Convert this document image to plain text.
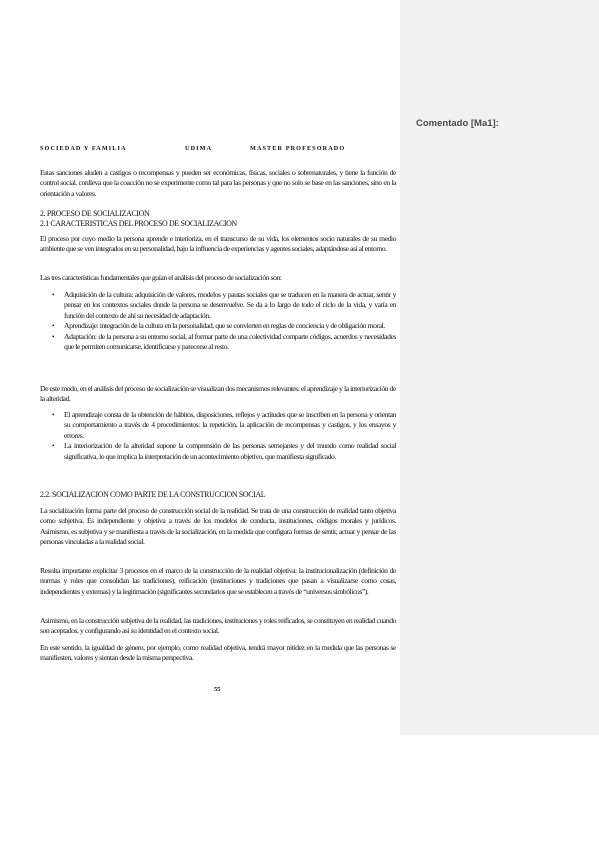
SOCIEDAD Y FAMILIA	UDIMA	MASTER PROFESORADO
Estas sanciones aluden a castigos o recompensas y pueden ser económicas, físicas, sociales o sobrenaturales, y tiene la función de control social. conlleva que la coacción no se experimente como tal para las personas y que no solo se base en las sanciones, sino en la orientación a valores.
2. PROCESO DE SOCIALIZACION
2.1 CARACTERISTICAS DEL PROCESO DE SOCIALIZACION
El proceso por cuyo medio la persona aprende e interioriza, en el transcurso de su vida, los elementos socio naturales de su medio ambiente que se ven integrados en su personalidad, bajo la influencia de experiencias y agentes sociales, adaptándose así al entorno.
Las tres características fundamentales que guían el análisis del proceso de socialización son:
• Adquisición de la cultura: adquisición de valores, modelos y pautas sociales que se traducen en la manera de actuar, sentir y pensar en los contextos sociales donde la persona se desenvuelve. Se da a lo largo de todo el ciclo de la vida, y varía en función del contexto de ahí su necesidad de adaptación.
• Aprendizaje: integración de la cultura en la personalidad, que se convierten en reglas de conciencia y de obligación moral.
• Adaptación: de la persona a su entorno social, al formar parte de una colectividad comparte códigos, acuerdos y necesidades que le permiten comunicarse, identificarse y parecerse al resto.
De este modo, en el análisis del proceso de socialización se visualizan dos mecanismos relevantes: el aprendizaje y la interiorización de la alteridad.
• El aprendizaje consta de la obtención de hábitos, disposiciones, reflejos y actitudes que se inscriben en la persona y orientan su comportamiento a través de 4 procedimientos: la repetición, la aplicación de recompensas y castigos, y los ensayos y errores.
• La interiorización de la alteridad supone la comprensión de las personas semejantes y del mundo como realidad social significativa, lo que implica la interpretación de un acontecimiento objetivo, que manifiesta significado.
2.2. SOCIALIZACION COMO PARTE DE LA CONSTRUCCION SOCIAL
La socialización forma parte del proceso de construcción social de la realidad. Se trata de una construcción de realidad tanto objetiva como subjetiva. Es independiente y objetiva a través de los modelos de conducta, instituciones, códigos morales y jurídicos. Asimismo, es subjetiva y se manifiesta a través de la socialización, en la medida que configura formas de sentir, actuar y pensar de las personas vinculadas a la realidad social.
Resulta importante explicitar 3 procesos en el marco de la construcción de la realidad objetiva: la institucionalización (definición de normas y roles que consolidan las tradiciones), reificación (instituciones y tradiciones que pasan a visualizarse como cosas, independientes y externas) y la legitimación (significantes secundarios que se establecen a través de “universos simbólicos”).
Asimismo, en la construcción subjetiva de la realidad, las tradiciones, instituciones y roles reificados, se constituyen en realidad cuando son aceptados, y configurando así su identidad en el contexto social.
En este sentido, la igualdad de género, por ejemplo, como realidad objetiva, tendrá mayor nitidez en la medida que las personas se manifiesten, valores y sientan desde la misma perspectiva.
55
Comentado [Ma1]:
